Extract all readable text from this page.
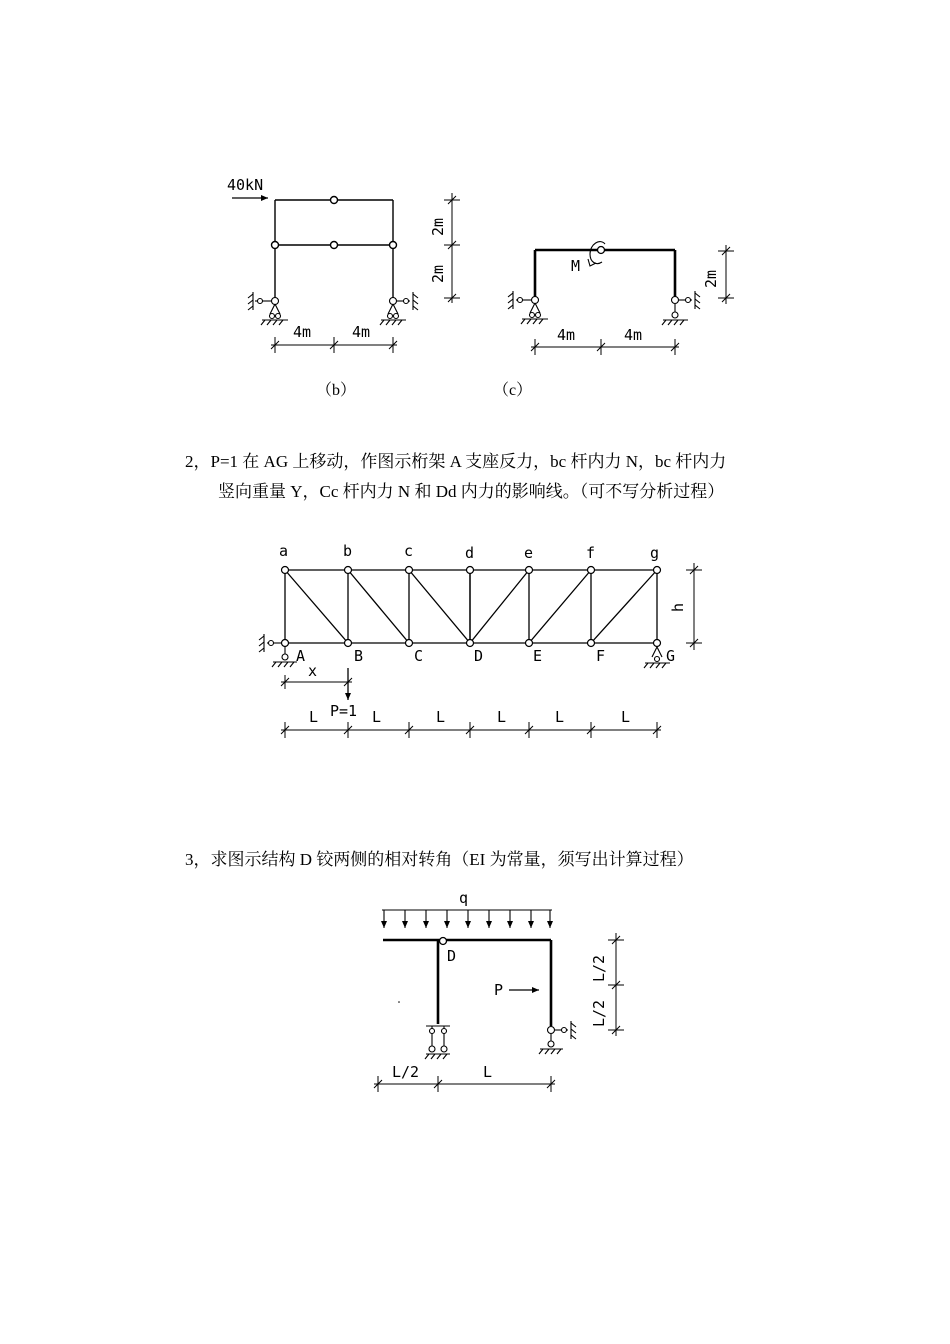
40kN
4m	4m
2m
2m	M
4m	4m
2m
a	b	c	d	e	f	g
A	B	C	D	E	F	G
h
x
P=1
L	L	L	L	L	L
q
D
P
L/2
L/2
L/2	L
（b）	（c）
2，P=1 在 AG 上移动，作图示桁架 A 支座反力，bc 杆内力 N，bc 杆内力
竖向重量 Y，Cc 杆内力 N 和 Dd 内力的影响线。（可不写分析过程）
3，求图示结构 D 铰两侧的相对转角（EI 为常量，须写出计算过程）
